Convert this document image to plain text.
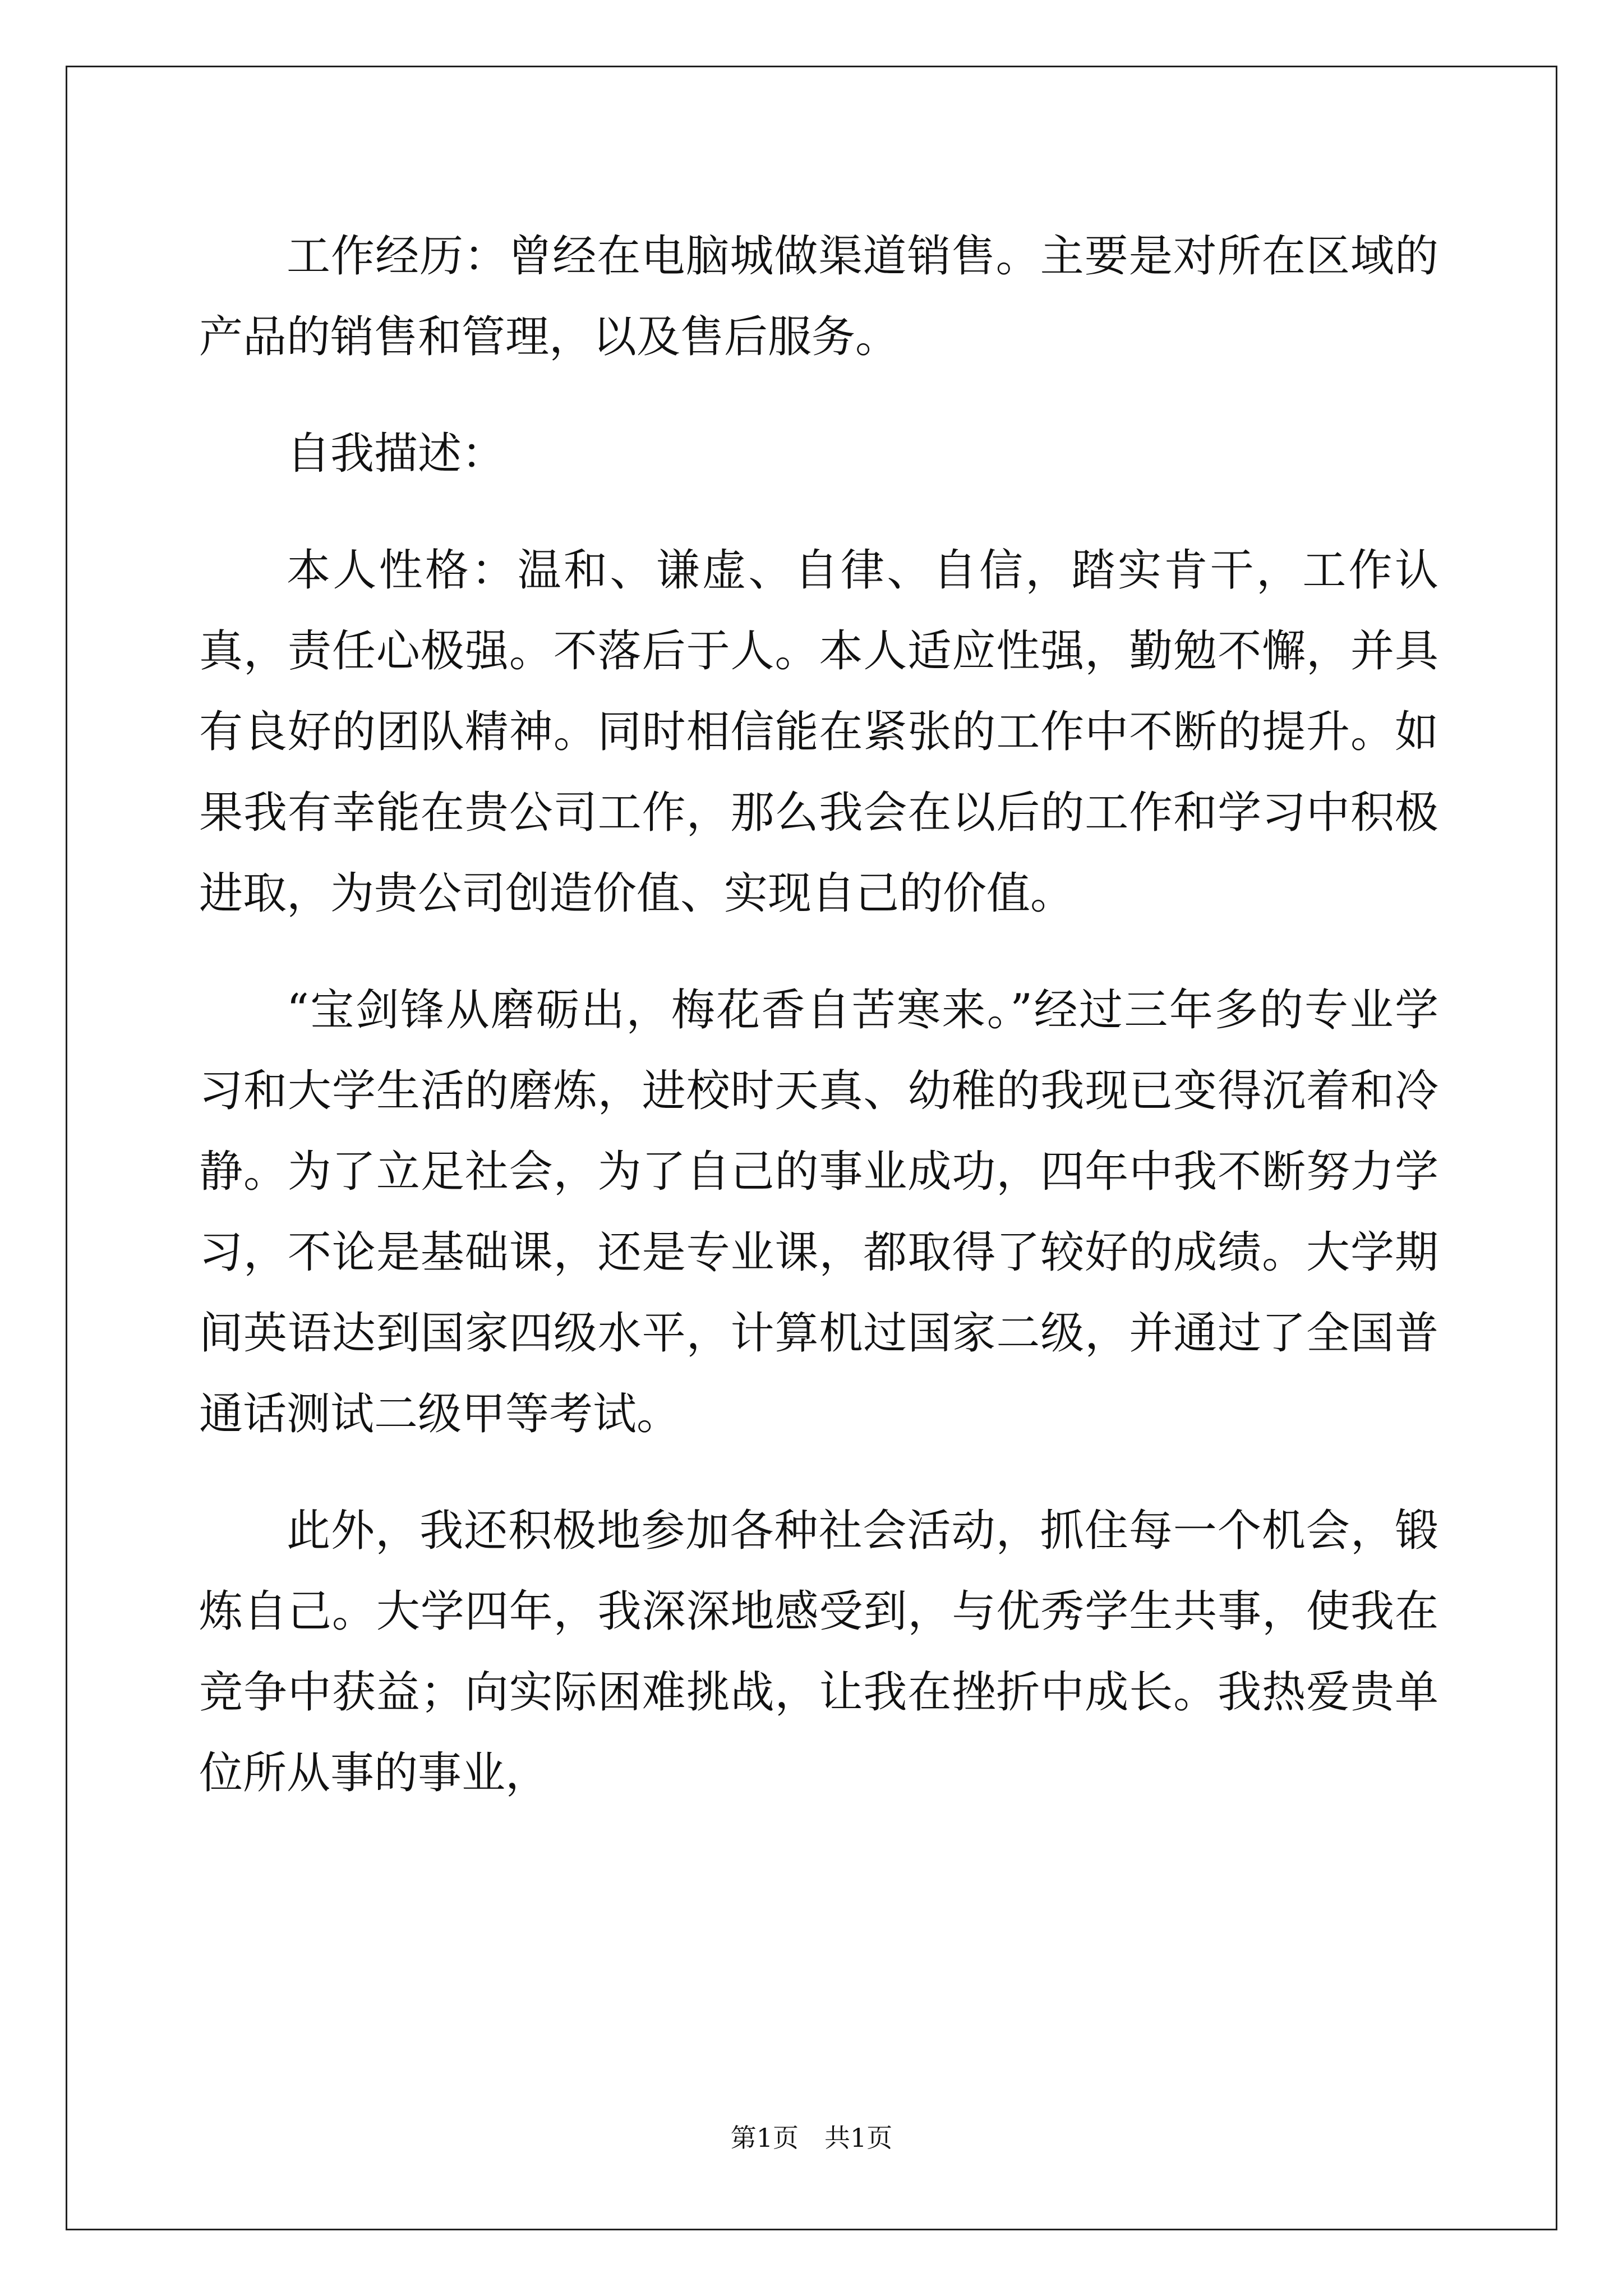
工作经历：曾经在电脑城做渠道销售。主要是对所在区域的产品的销售和管理，以及售后服务。

自我描述：

本人性格：温和、谦虚、自律、自信，踏实肯干，工作认真，责任心极强。不落后于人。本人适应性强，勤勉不懈，并具有良好的团队精神。同时相信能在紧张的工作中不断的提升。如果我有幸能在贵公司工作，那么我会在以后的工作和学习中积极进取，为贵公司创造价值、实现自己的价值。

“宝剑锋从磨砺出，梅花香自苦寒来。”经过三年多的专业学习和大学生活的磨炼，进校时天真、幼稚的我现已变得沉着和冷静。为了立足社会，为了自己的事业成功，四年中我不断努力学习，不论是基础课，还是专业课，都取得了较好的成绩。大学期间英语达到国家四级水平，计算机过国家二级，并通过了全国普通话测试二级甲等考试。

此外，我还积极地参加各种社会活动，抓住每一个机会，锻炼自己。大学四年，我深深地感受到，与优秀学生共事，使我在竞争中获益；向实际困难挑战，让我在挫折中成长。我热爱贵单位所从事的事业，

第1页　共1页
